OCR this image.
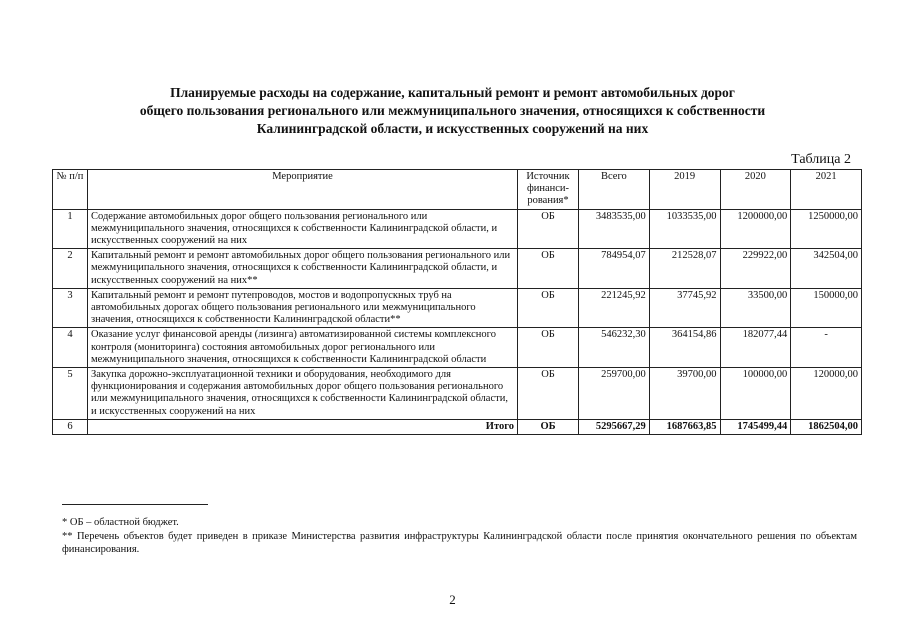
Планируемые расходы на содержание, капитальный ремонт и ремонт автомобильных дорог
общего пользования регионального или межмуниципального значения, относящихся к собственности
Калининградской области, и искусственных сооружений на них
Таблица 2
№ п/п	Мероприятие	Источник финанси-рования*	Всего	2019	2020	2021
1	Содержание автомобильных дорог общего пользования регионального или межмуниципального значения, относящихся к собственности Калининградской области, и искусственных сооружений на них	ОБ	3483535,00	1033535,00	1200000,00	1250000,00
2	Капитальный ремонт и ремонт автомобильных дорог общего пользования регионального или межмуниципального значения, относящихся к собственности Калининградской области, и искусственных сооружений на них**	ОБ	784954,07	212528,07	229922,00	342504,00
3	Капитальный ремонт и ремонт путепроводов, мостов и водопропускных труб на автомобильных дорогах общего пользования регионального или межмуниципального значения, относящихся к собственности Калининградской области**	ОБ	221245,92	37745,92	33500,00	150000,00
4	Оказание услуг финансовой аренды (лизинга) автоматизированной системы комплексного контроля (мониторинга) состояния автомобильных дорог регионального или межмуниципального значения, относящихся к собственности Калининградской области	ОБ	546232,30	364154,86	182077,44	-
5	Закупка дорожно-эксплуатационной техники и оборудования, необходимого для функционирования и содержания автомобильных дорог общего пользования регионального или межмуниципального значения, относящихся к собственности Калининградской области, и искусственных сооружений на них	ОБ	259700,00	39700,00	100000,00	120000,00
6	Итого	ОБ	5295667,29	1687663,85	1745499,44	1862504,00

* ОБ – областной бюджет.

** Перечень объектов будет приведен в приказе Министерства развития инфраструктуры Калининградской области после принятия окончательного решения по объектам финансирования.

2
